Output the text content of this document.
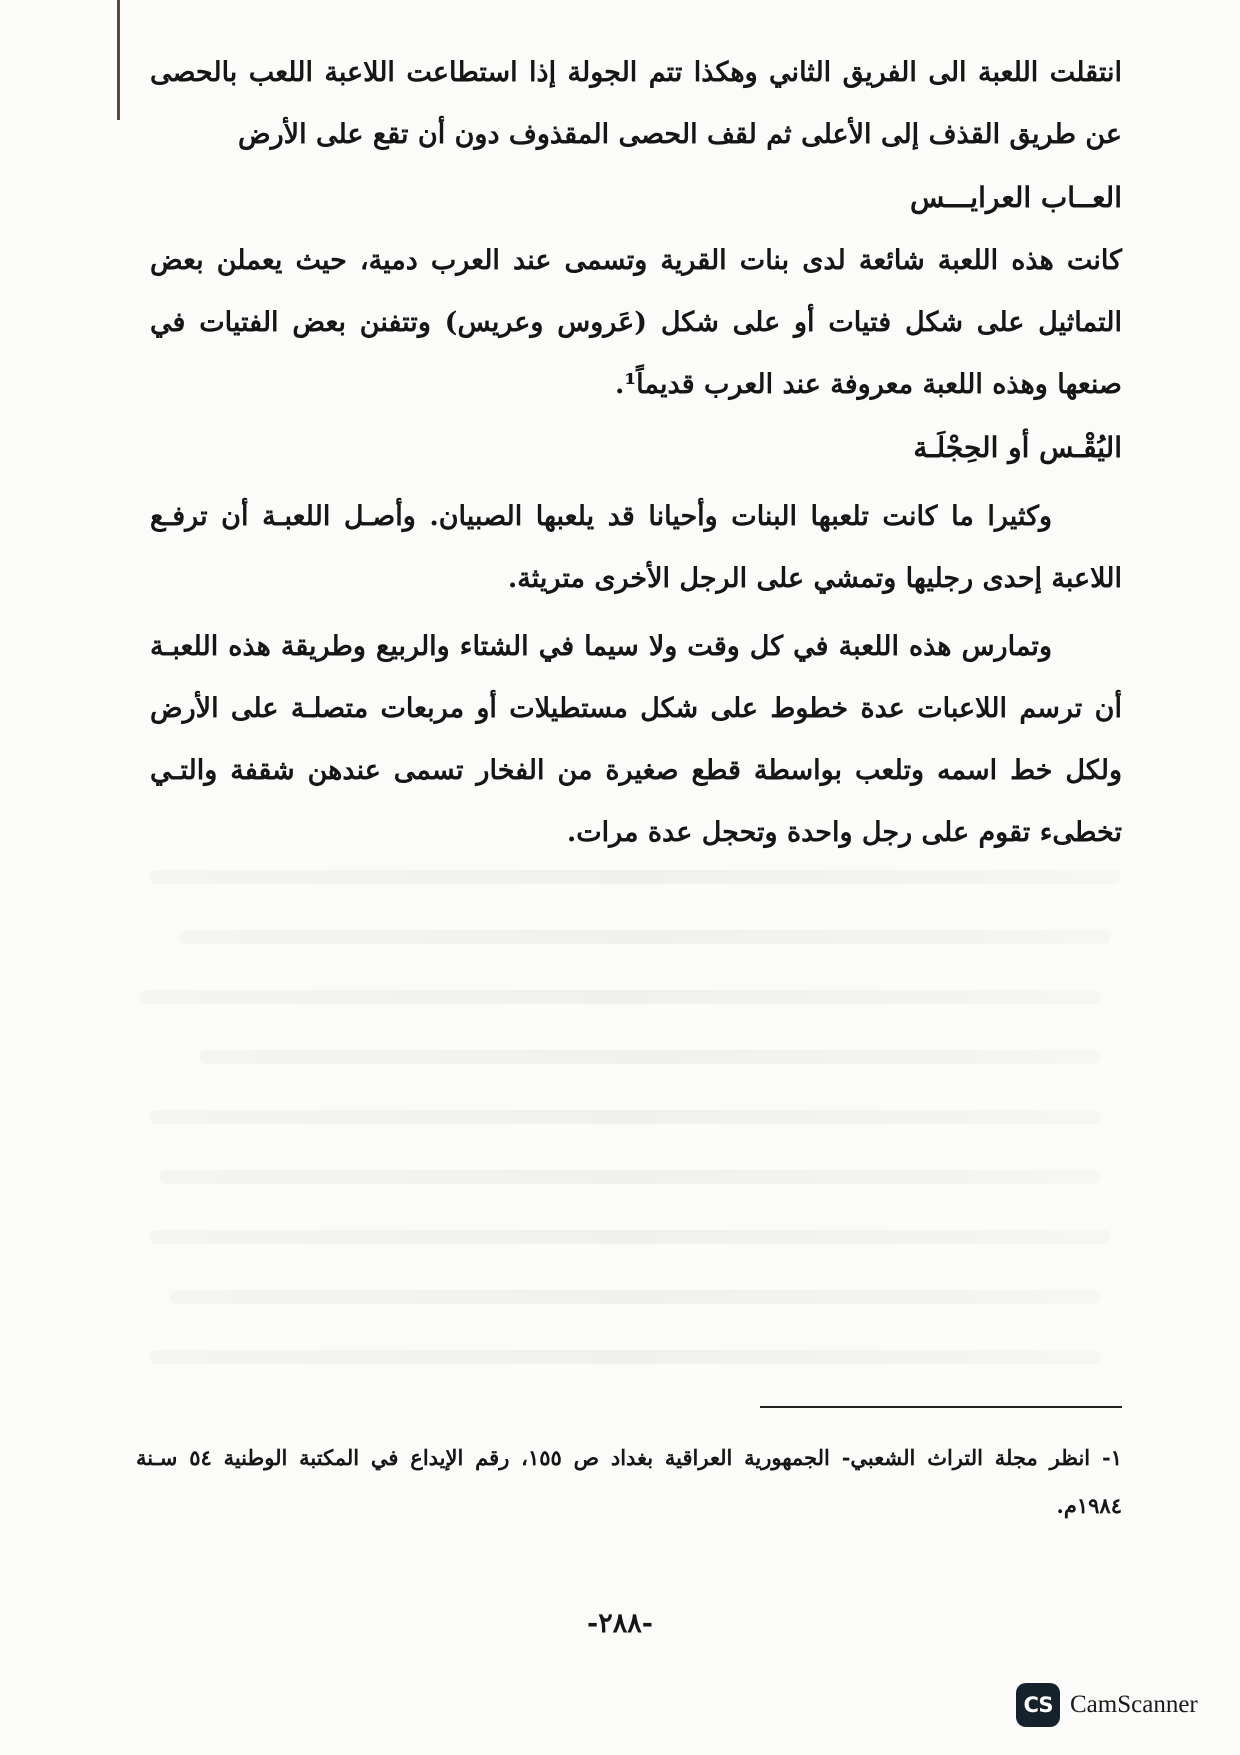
انتقلت اللعبة الى الفريق الثاني وهكذا تتم الجولة إذا استطاعت اللاعبة اللعب بالحصى عن طريق القذف إلى الأعلى ثم لقف الحصى المقذوف دون أن تقع على الأرض

العــاب العرايـــس

كانت هذه اللعبة شائعة لدى بنات القرية وتسمى عند العرب دمية، حيث يعملن بعض التماثيل على شكل فتيات أو على شكل (عَروس وعريس) وتتفنن بعض الفتيات في صنعها وهذه اللعبة معروفة عند العرب قديماً¹.

اليُقْـس أو الحِجْلَـة

وكثيرا ما كانت تلعبها البنات وأحيانا قد يلعبها الصبيان. وأصـل اللعبـة أن ترفـع اللاعبة إحدى رجليها وتمشي على الرجل الأخرى متريثة.

وتمارس هذه اللعبة في كل وقت ولا سيما في الشتاء والربيع وطريقة هذه اللعبـة أن ترسم اللاعبات عدة خطوط على شكل مستطيلات أو مربعات متصلـة على الأرض ولكل خط اسمه وتلعب بواسطة قطع صغيرة من الفخار تسمى عندهن شقفة والتـي تخطىء تقوم على رجل واحدة وتحجل عدة مرات.

١- انظر مجلة التراث الشعبي- الجمهورية العراقية بغداد ص ١٥٥، رقم الإيداع في المكتبة الوطنية ٥٤ سـنة ١٩٨٤م.
-٢٨٨-
CS CamScanner
